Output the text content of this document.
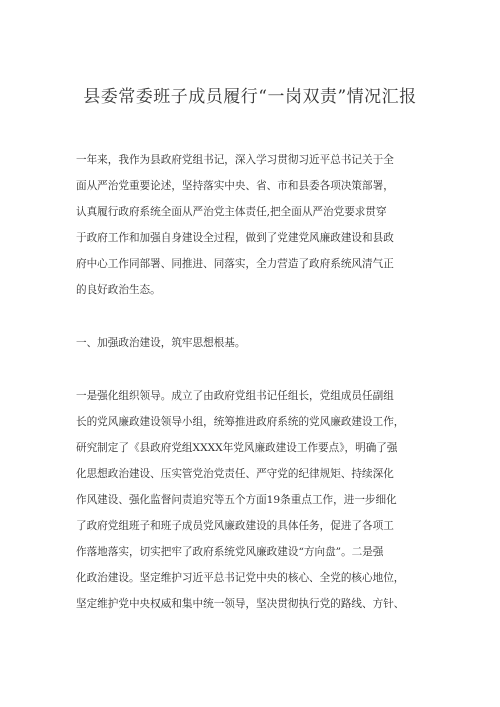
县委常委班子成员履行“一岗双责”情况汇报
一年来，我作为县政府党组书记，深入学习贯彻习近平总书记关于全
面从严治党重要论述，坚持落实中央、省、市和县委各项决策部署，
认真履行政府系统全面从严治党主体责任,把全面从严治党要求贯穿
于政府工作和加强自身建设全过程，做到了党建党风廉政建设和县政
府中心工作同部署、同推进、同落实，全力营造了政府系统风清气正
的良好政治生态。
一、加强政治建设，筑牢思想根基。
一是强化组织领导。成立了由政府党组书记任组长，党组成员任副组
长的党风廉政建设领导小组，统筹推进政府系统的党风廉政建设工作，
研究制定了《县政府党组XXXX年党风廉政建设工作要点》，明确了强
化思想政治建设、压实管党治党责任、严守党的纪律规矩、持续深化
作风建设、强化监督问责追究等五个方面19条重点工作，进一步细化
了政府党组班子和班子成员党风廉政建设的具体任务，促进了各项工
作落地落实，切实把牢了政府系统党风廉政建设“方向盘”。二是强
化政治建设。坚定维护习近平总书记党中央的核心、全党的核心地位，
坚定维护党中央权威和集中统一领导，坚决贯彻执行党的路线、方针、
